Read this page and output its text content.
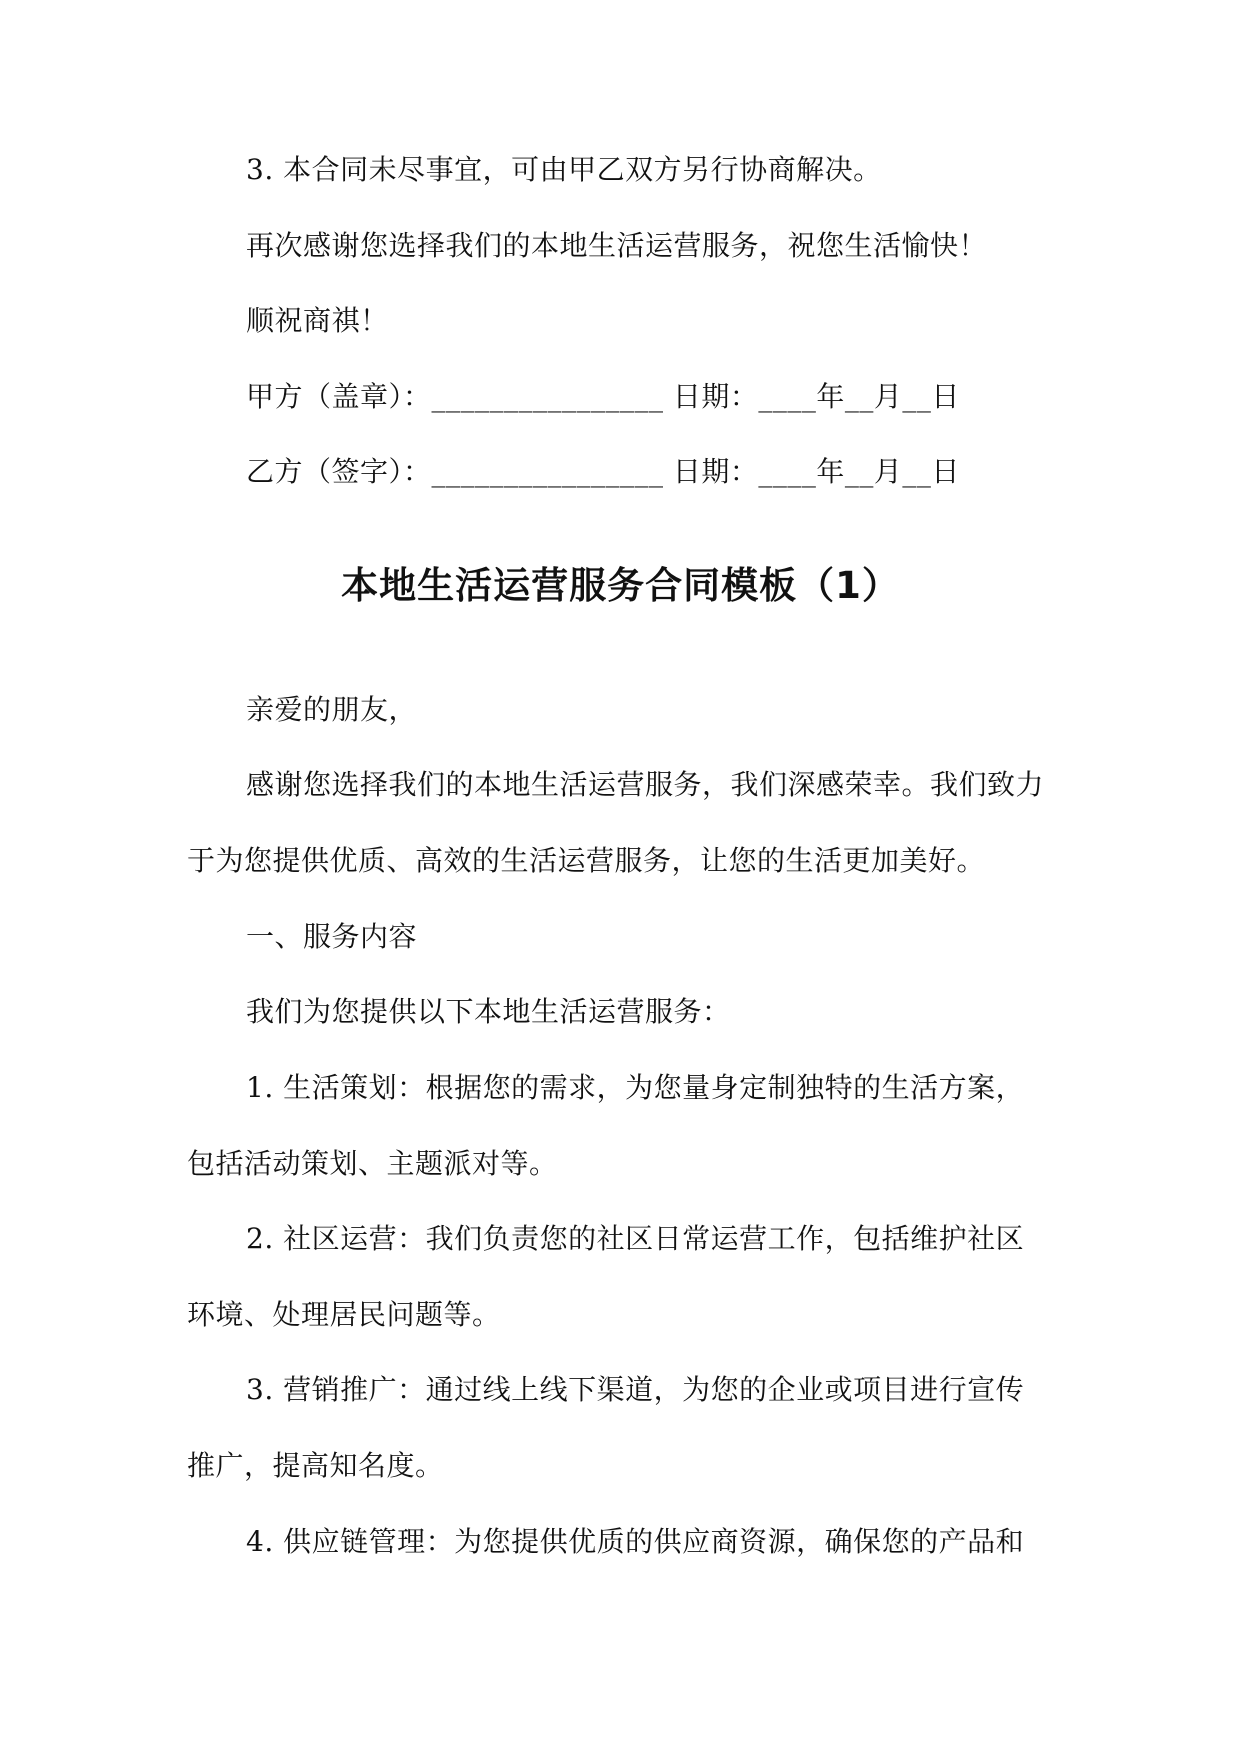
3. 本合同未尽事宜，可由甲乙双方另行协商解决。
再次感谢您选择我们的本地生活运营服务，祝您生活愉快！
顺祝商祺！
甲方（盖章）：________________ 日期：____年__月__日
乙方（签字）：________________ 日期：____年__月__日
本地生活运营服务合同模板（1）
亲爱的朋友，
感谢您选择我们的本地生活运营服务，我们深感荣幸。我们致力
于为您提供优质、高效的生活运营服务，让您的生活更加美好。
一、服务内容
我们为您提供以下本地生活运营服务：
1. 生活策划：根据您的需求，为您量身定制独特的生活方案，
包括活动策划、主题派对等。
2. 社区运营：我们负责您的社区日常运营工作，包括维护社区
环境、处理居民问题等。
3. 营销推广：通过线上线下渠道，为您的企业或项目进行宣传
推广，提高知名度。
4. 供应链管理：为您提供优质的供应商资源，确保您的产品和
